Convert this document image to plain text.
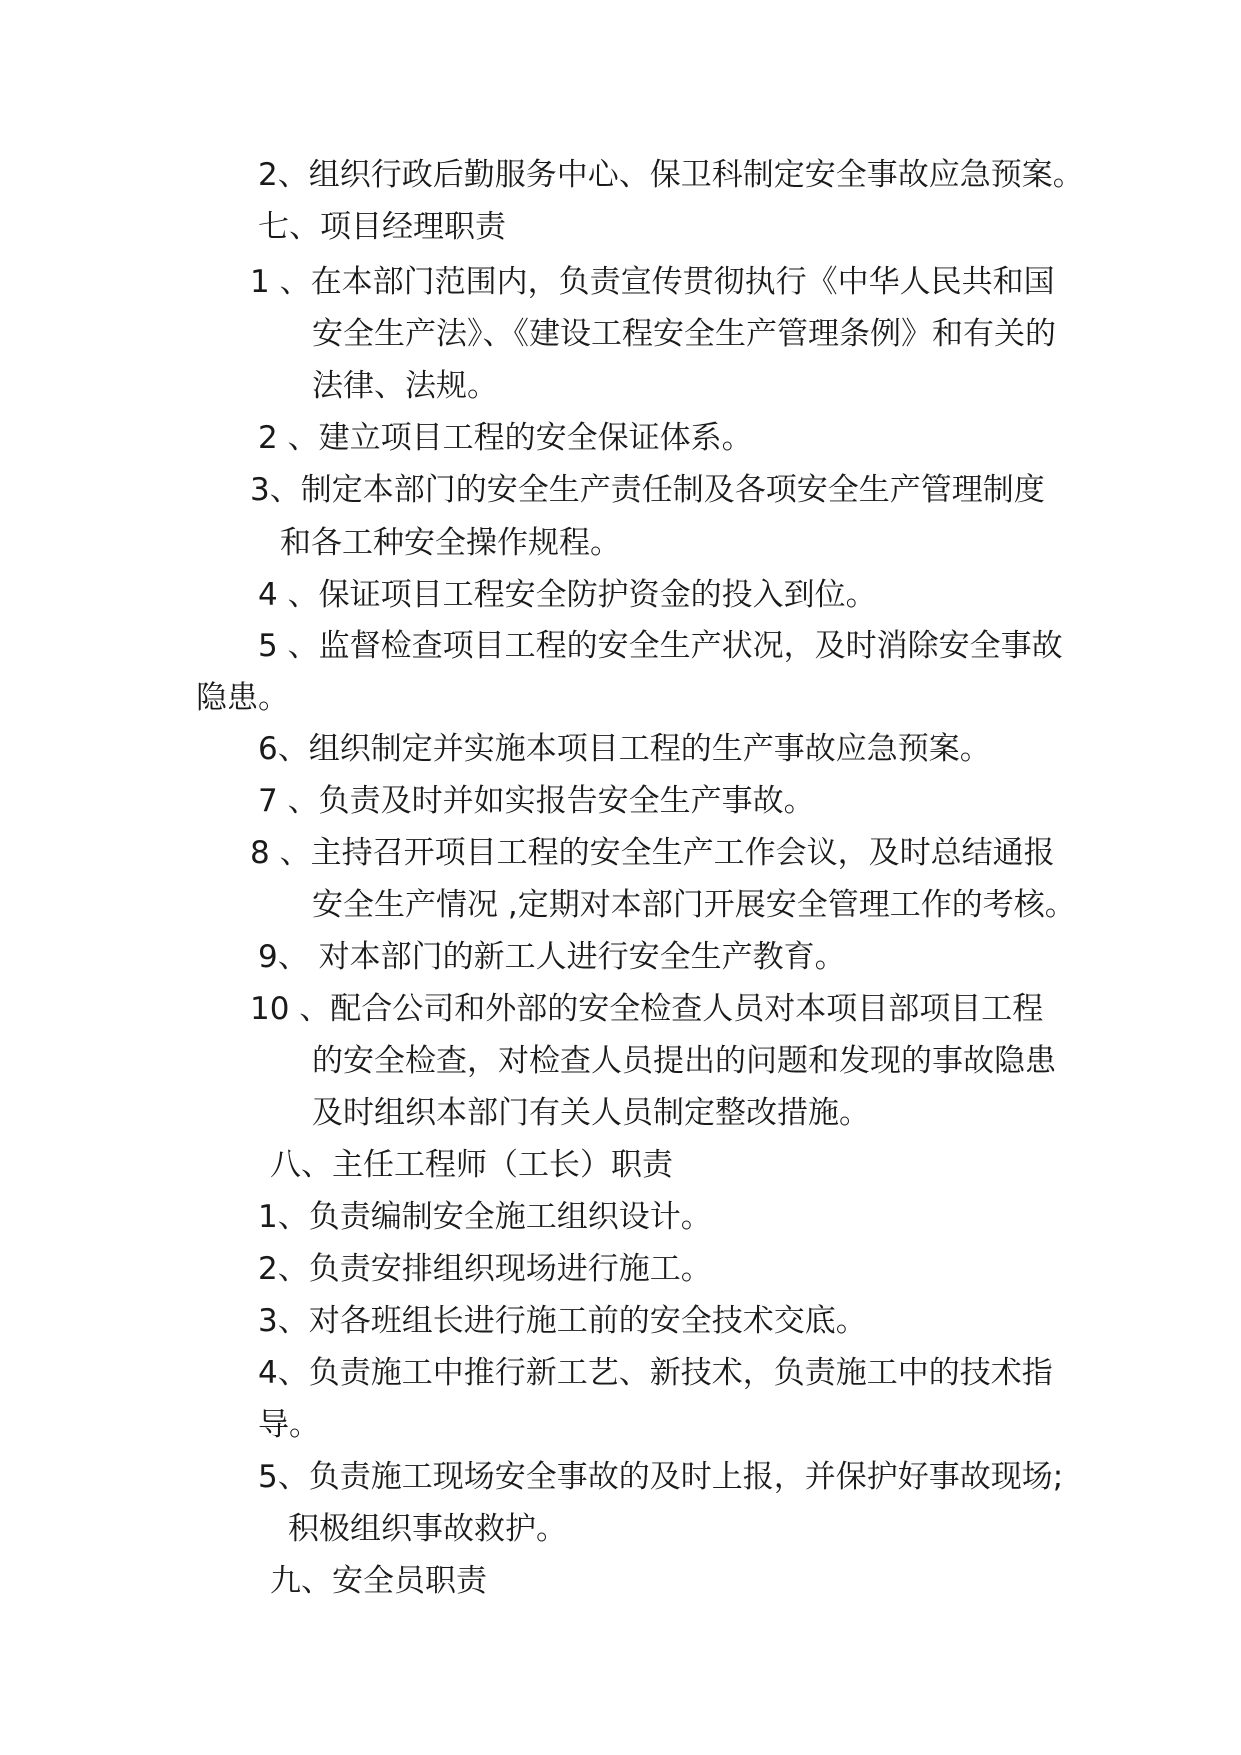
2、组织行政后勤服务中心、保卫科制定安全事故应急预案。
七、项目经理职责
1 、在本部门范围内，负责宣传贯彻执行《中华人民共和国
安全生产法》、《建设工程安全生产管理条例》和有关的
法律、法规。
2 、建立项目工程的安全保证体系。
3、制定本部门的安全生产责任制及各项安全生产管理制度
和各工种安全操作规程。
4 、保证项目工程安全防护资金的投入到位。
5 、监督检查项目工程的安全生产状况，及时消除安全事故
隐患。
6、组织制定并实施本项目工程的生产事故应急预案。
7 、负责及时并如实报告安全生产事故。
8 、主持召开项目工程的安全生产工作会议，及时总结通报
安全生产情况 ,定期对本部门开展安全管理工作的考核。
9、 对本部门的新工人进行安全生产教育。
10 、配合公司和外部的安全检查人员对本项目部项目工程
的安全检查，对检查人员提出的问题和发现的事故隐患
及时组织本部门有关人员制定整改措施。
八、主任工程师（工长）职责
1、负责编制安全施工组织设计。
2、负责安排组织现场进行施工。
3、对各班组长进行施工前的安全技术交底。
4、负责施工中推行新工艺、新技术，负责施工中的技术指
导。
5、负责施工现场安全事故的及时上报，并保护好事故现场;
积极组织事故救护。
九、安全员职责
